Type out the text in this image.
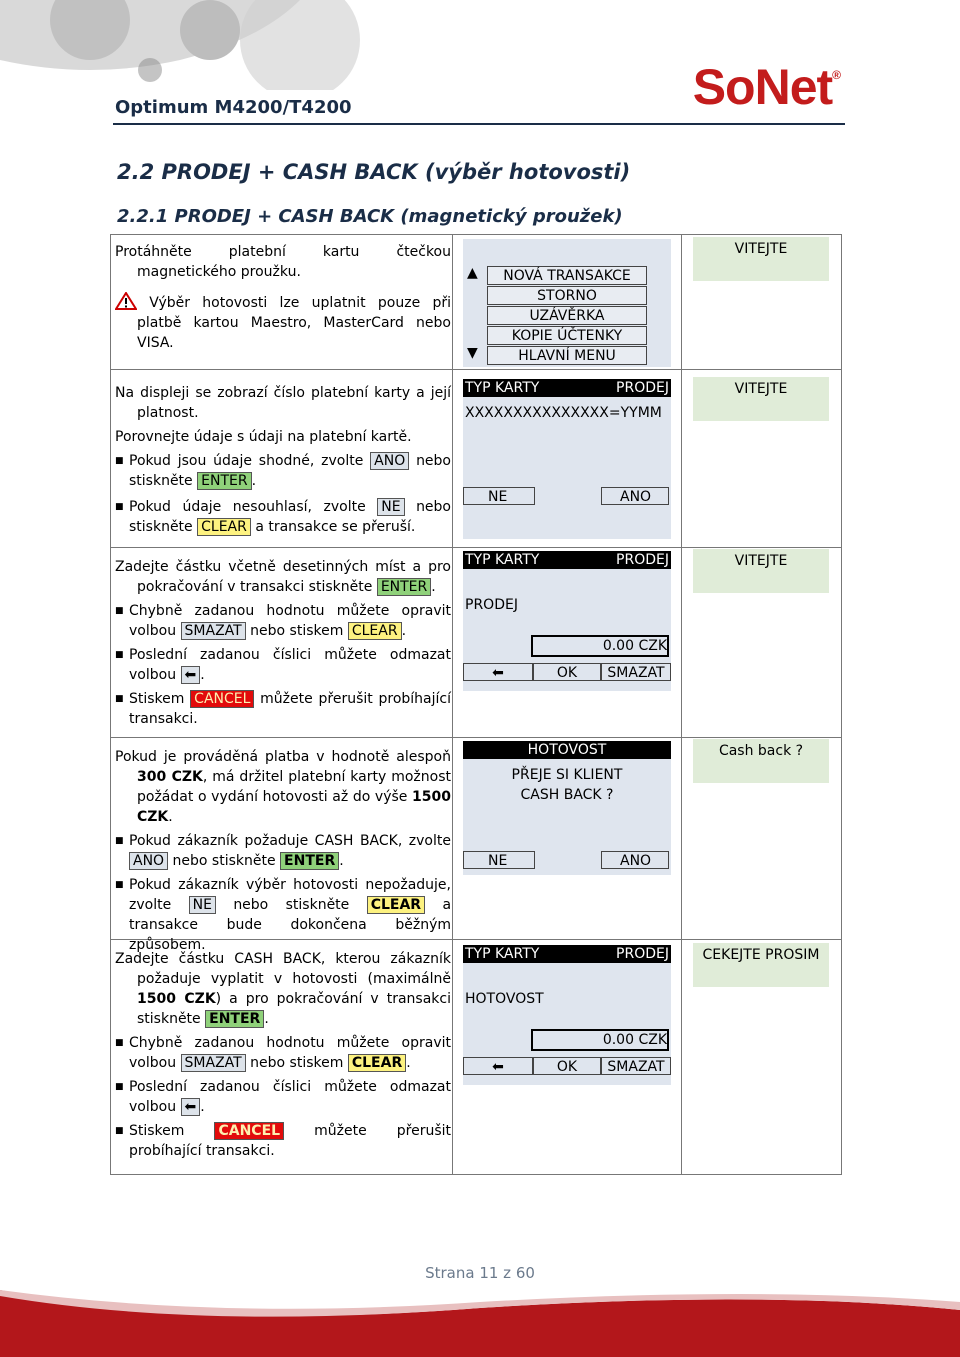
SoNet®
Optimum M4200/T4200
2.2 PRODEJ + CASH BACK (výběr hotovosti)
2.2.1 PRODEJ + CASH BACK (magnetický proužek)

Protáhněte platební kartu čtečkou magnetického proužku.

Výběr hotovosti lze uplatnit pouze při platbě kartou Maestro, MasterCard nebo VISA.

▲	NOVÁ TRANSAKCE
STORNO
UZÁVĚRKA
KOPIE ÚČTENKY
HLAVNÍ MENU
▼
VITEJTE

Na displeji se zobrazí číslo platební karty a její platnost.

Porovnejte údaje s údaji na platební kartě.

■ Pokud jsou údaje shodné, zvolte ANO nebo stiskněte ENTER .
■ Pokud údaje nesouhlasí, zvolte NE nebo stiskněte CLEAR a transakce se přeruší.
TYP KARTY	PRODEJ
XXXXXXXXXXXXXXX=YYMM
NE	ANO
VITEJTE

Zadejte částku včetně desetinných míst a pro pokračování v transakci stiskněte ENTER .

■ Chybně zadanou hodnotu můžete opravit volbou SMAZAT nebo stiskem CLEAR .
■ Poslední zadanou číslici můžete odmazat volbou ⬅ .
■ Stiskem CANCEL můžete přerušit probíhající transakci.
TYP KARTY	PRODEJ
PRODEJ
0.00 CZK
⬅	OK	SMAZAT
VITEJTE

Pokud je prováděná platba v hodnotě alespoň 300 CZK, má držitel platební karty možnost požádat o vydání hotovosti až do výše 1500 CZK.

■ Pokud zákazník požaduje CASH BACK, zvolte ANO nebo stiskněte ENTER .
■ Pokud zákazník výběr hotovosti nepožaduje, zvolte NE nebo stiskněte CLEAR a transakce bude dokončena běžným způsobem.
HOTOVOST
PŘEJE SI KLIENT
CASH BACK ?
NE	ANO
Cash back ?

Zadejte částku CASH BACK, kterou zákazník požaduje vyplatit v hotovosti (maximálně 1500 CZK) a pro pokračování v transakci stiskněte ENTER .

■ Chybně zadanou hodnotu můžete opravit volbou SMAZAT nebo stiskem CLEAR .
■ Poslední zadanou číslici můžete odmazat volbou ⬅ .
■ Stiskem CANCEL můžete přerušit probíhající transakci.
TYP KARTY	PRODEJ
HOTOVOST
0.00 CZK
⬅	OK	SMAZAT
CEKEJTE PROSIM

Strana 11 z 60
